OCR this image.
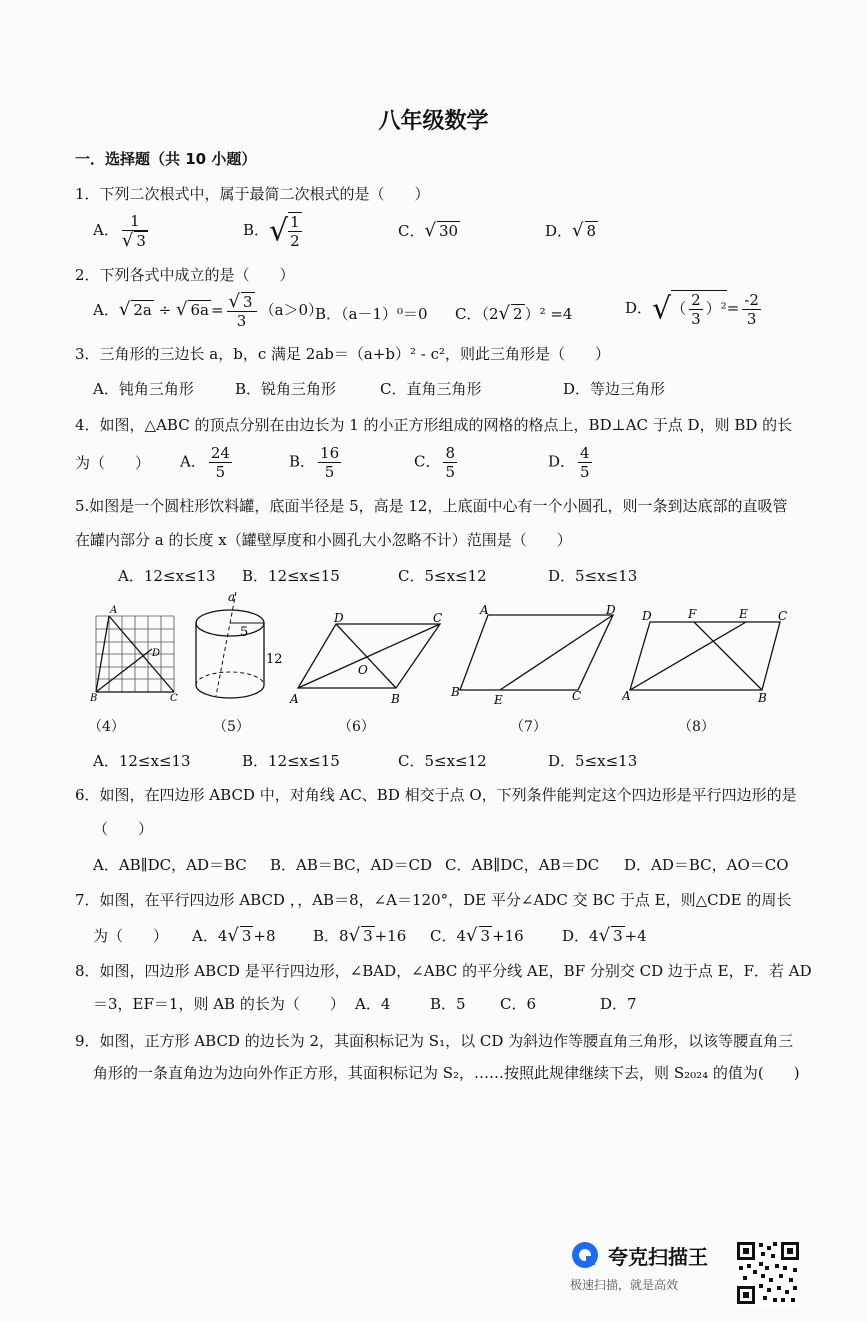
八年级数学
一．选择题（共 10 小题）
1．下列二次根式中，属于最简二次根式的是（　　）
A． $\frac{1}{√ 3}$	B．√ $\frac{1}{2}$	C．√ 30	D．√ 8
2．下列各式中成立的是（　　）
A．√ 2a ÷ √ $6a = \frac{√ 3}{3} (a>0)$
B．（a－1）⁰＝0 C．（2√ 2 ）² =4	D．√（ $\frac{2}{3} )^2= \frac{-2}{3}$
3．三角形的三边长 a，b，c 满足 2ab＝（a+b）² - c²，则此三角形是（　　）
A．钝角三角形	B．锐角三角形	C．直角三角形	D．等边三角形
4．如图，△ABC 的顶点分别在由边长为 1 的小正方形组成的网格的格点上，BD⊥AC 于点 D，则 BD 的长
为（　　） A． $\frac{24}{5}$	B． $\frac{16}{5}$	C． $\frac{8}{5}$	D． $\frac{4}{5}$
5.如图是一个圆柱形饮料罐，底面半径是 5，高是 12，上底面中心有一个小圆孔，则一条到达底部的直吸管
在罐内部分 a 的长度 x（罐壁厚度和小圆孔大小忽略不计）范围是（　　）
A．12≤x≤13 B．12≤x≤15	C．5≤x≤12	D．5≤x≤13
A
B	C
D
a
5
12
D	C
A	B
O
A	D
B
E	C
D	F	E	C
A	B
（4）	（5）	（6）	（7）	（8）
A．12≤x≤13	B．12≤x≤15	C．5≤x≤12	D．5≤x≤13
6．如图，在四边形 ABCD 中，对角线 AC、BD 相交于点 O，下列条件能判定这个四边形是平行四边形的是
（　　）
A．AB∥DC，AD＝BC B．AB＝BC，AD＝CD C．AB∥DC，AB＝DC D．AD＝BC，AO＝CO
7．如图，在平行四边形 ABCD ，，AB＝8，∠A＝120°，DE 平分∠ADC 交 BC 于点 E，则△CDE 的周长
为（　　） A．4√ 3 +8 B．8√ 3 +16 C．4√ 3 +16	D．4√ 3 +4
8．如图，四边形 ABCD 是平行四边形，∠BAD，∠ABC 的平分线 AE，BF 分别交 CD 边于点 E，F．若 AD
＝3，EF＝1，则 AB 的长为（　　） A．4	B．5 C．6	D．7
9．如图，正方形 ABCD 的边长为 2，其面积标记为 S₁，以 CD 为斜边作等腰直角三角形，以该等腰直角三
角形的一条直角边为边向外作正方形，其面积标记为 S₂，……按照此规律继续下去，则 S₂₀₂₄ 的值为(　　)
夸克扫描王
极速扫描，就是高效
